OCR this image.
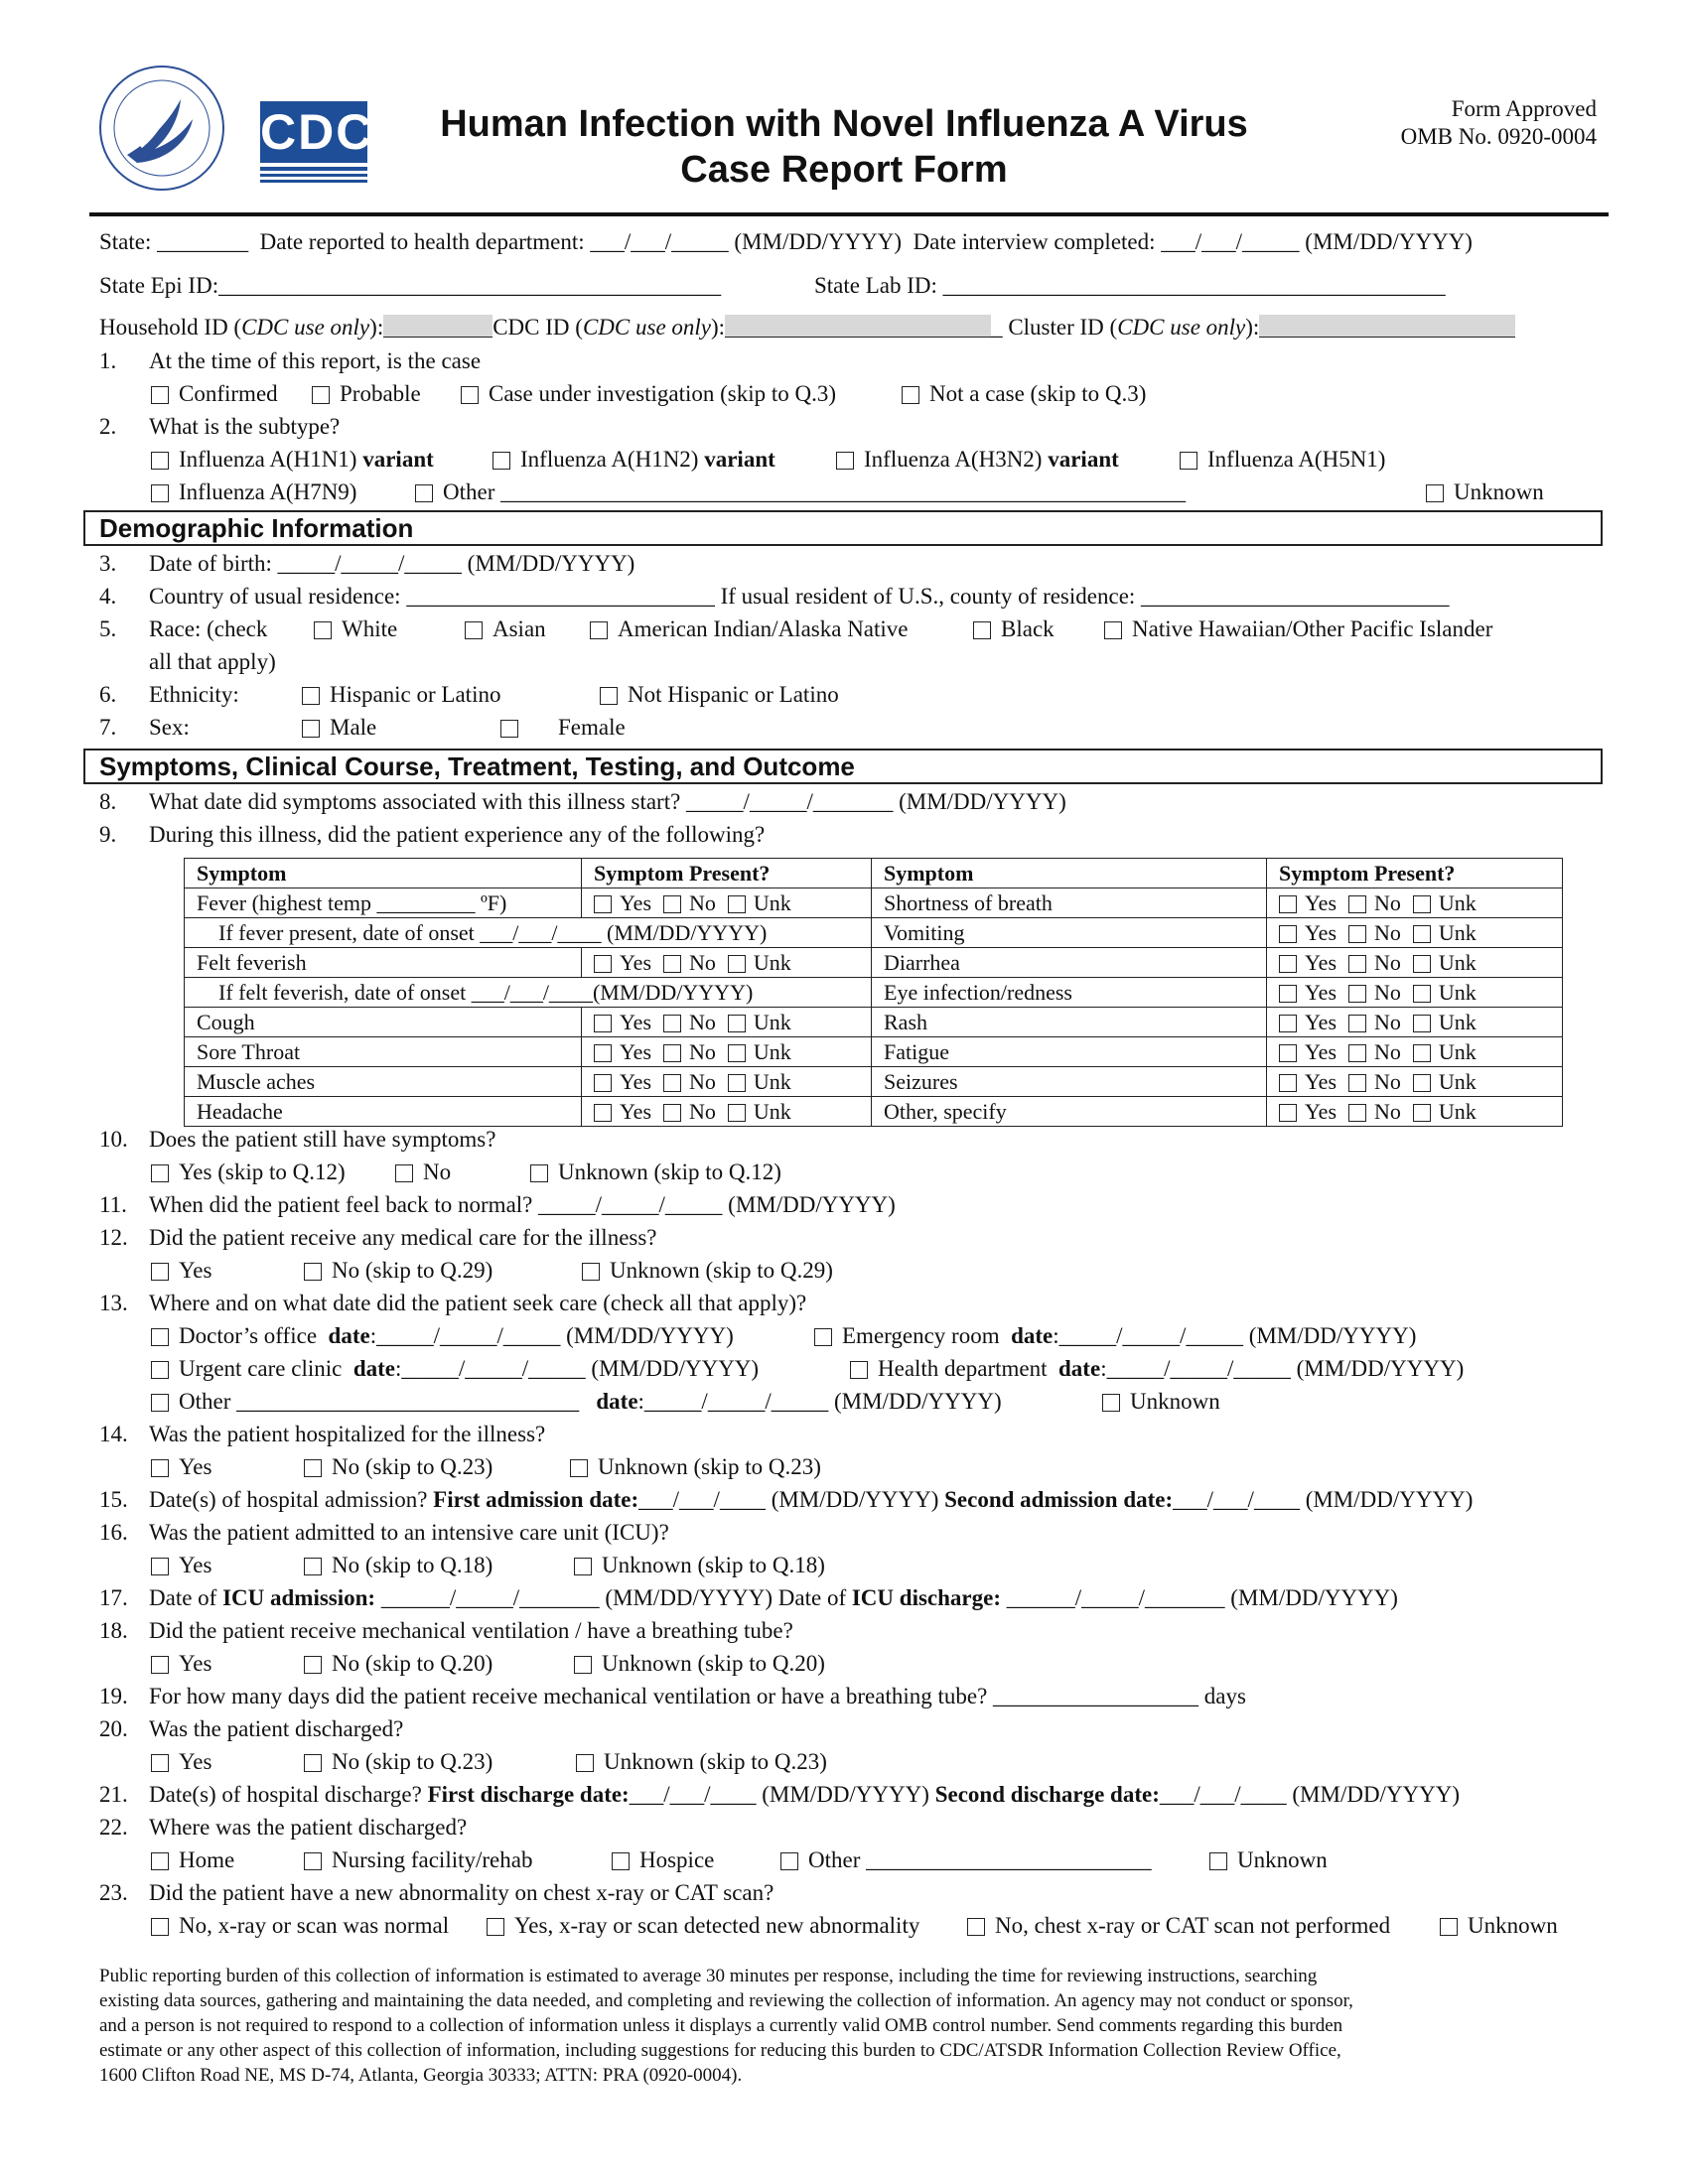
CDC	Human Infection with Novel Influenza A Virus
Case Report Form
Form Approved
OMB No. 0920-0004
State: ________ Date reported to health department: ___/___/_____ (MM/DD/YYYY) Date interview completed: ___/___/_____ (MM/DD/YYYY)
State Epi ID:____________________________________________	State Lab ID: ____________________________________________
Household ID (CDC use only):	CDC ID (CDC use only):	_ Cluster ID (CDC use only):
1.	At the time of this report, is the case
Confirmed	Probable	Case under investigation (skip to Q.3)	Not a case (skip to Q.3)
2.	What is the subtype?
Influenza A(H1N1) variant	Influenza A(H1N2) variant	Influenza A(H3N2) variant	Influenza A(H5N1)
Influenza A(H7N9)	Other ____________________________________________________________	Unknown
Demographic Information
3.	Date of birth: _____/_____/_____ (MM/DD/YYYY)
4.	Country of usual residence: ___________________________ If usual resident of U.S., county of residence: ___________________________
5.	Race: (check	White	Asian	American Indian/Alaska Native	Black	Native Hawaiian/Other Pacific Islander
all that apply)
6.	Ethnicity:	Hispanic or Latino	Not Hispanic or Latino
7.	Sex:	Male	Female
Symptoms, Clinical Course, Treatment, Testing, and Outcome
8.	What date did symptoms associated with this illness start? _____/_____/_______ (MM/DD/YYYY)
9.	During this illness, did the patient experience any of the following?
Symptom	Symptom Present?	Symptom	Symptom Present?
Fever (highest temp _________ ºF)	Yes No Unk	Shortness of breath	Yes No Unk
If fever present, date of onset ___/___/____ (MM/DD/YYYY)		Vomiting	Yes No Unk
Felt feverish	Yes No Unk	Diarrhea	Yes No Unk
If felt feverish, date of onset ___/___/____(MM/DD/YYYY)		Eye infection/redness	Yes No Unk
Cough	Yes No Unk	Rash	Yes No Unk
Sore Throat	Yes No Unk	Fatigue	Yes No Unk
Muscle aches	Yes No Unk	Seizures	Yes No Unk
Headache	Yes No Unk	Other, specify	Yes No Unk
10. Does the patient still have symptoms?
Yes (skip to Q.12)	No	Unknown (skip to Q.12)
11. When did the patient feel back to normal? _____/_____/_____ (MM/DD/YYYY)
12. Did the patient receive any medical care for the illness?
Yes	No (skip to Q.29)	Unknown (skip to Q.29)
13. Where and on what date did the patient seek care (check all that apply)?
Doctor’s office date:_____/_____/_____ (MM/DD/YYYY)	Emergency room date:_____/_____/_____ (MM/DD/YYYY)
Urgent care clinic date:_____/_____/_____ (MM/DD/YYYY)	Health department date:_____/_____/_____ (MM/DD/YYYY)
Other ______________________________ date:_____/_____/_____ (MM/DD/YYYY)	Unknown
14. Was the patient hospitalized for the illness?
Yes	No (skip to Q.23)	Unknown (skip to Q.23)
15. Date(s) of hospital admission? First admission date:___/___/____ (MM/DD/YYYY) Second admission date:___/___/____ (MM/DD/YYYY)
16. Was the patient admitted to an intensive care unit (ICU)?
Yes	No (skip to Q.18)	Unknown (skip to Q.18)
17. Date of ICU admission: ______/_____/_______ (MM/DD/YYYY) Date of ICU discharge: ______/_____/_______ (MM/DD/YYYY)
18. Did the patient receive mechanical ventilation / have a breathing tube?
Yes	No (skip to Q.20)	Unknown (skip to Q.20)
19. For how many days did the patient receive mechanical ventilation or have a breathing tube? __________________ days
20. Was the patient discharged?
Yes	No (skip to Q.23)	Unknown (skip to Q.23)
21. Date(s) of hospital discharge? First discharge date:___/___/____ (MM/DD/YYYY) Second discharge date:___/___/____ (MM/DD/YYYY)
22. Where was the patient discharged?
Home	Nursing facility/rehab	Hospice	Other _________________________	Unknown
23. Did the patient have a new abnormality on chest x-ray or CAT scan?
No, x-ray or scan was normal	Yes, x-ray or scan detected new abnormality	No, chest x-ray or CAT scan not performed	Unknown
Public reporting burden of this collection of information is estimated to average 30 minutes per response, including the time for reviewing instructions, searching
existing data sources, gathering and maintaining the data needed, and completing and reviewing the collection of information. An agency may not conduct or sponsor,
and a person is not required to respond to a collection of information unless it displays a currently valid OMB control number. Send comments regarding this burden
estimate or any other aspect of this collection of information, including suggestions for reducing this burden to CDC/ATSDR Information Collection Review Office,
1600 Clifton Road NE, MS D-74, Atlanta, Georgia 30333; ATTN: PRA (0920-0004).
